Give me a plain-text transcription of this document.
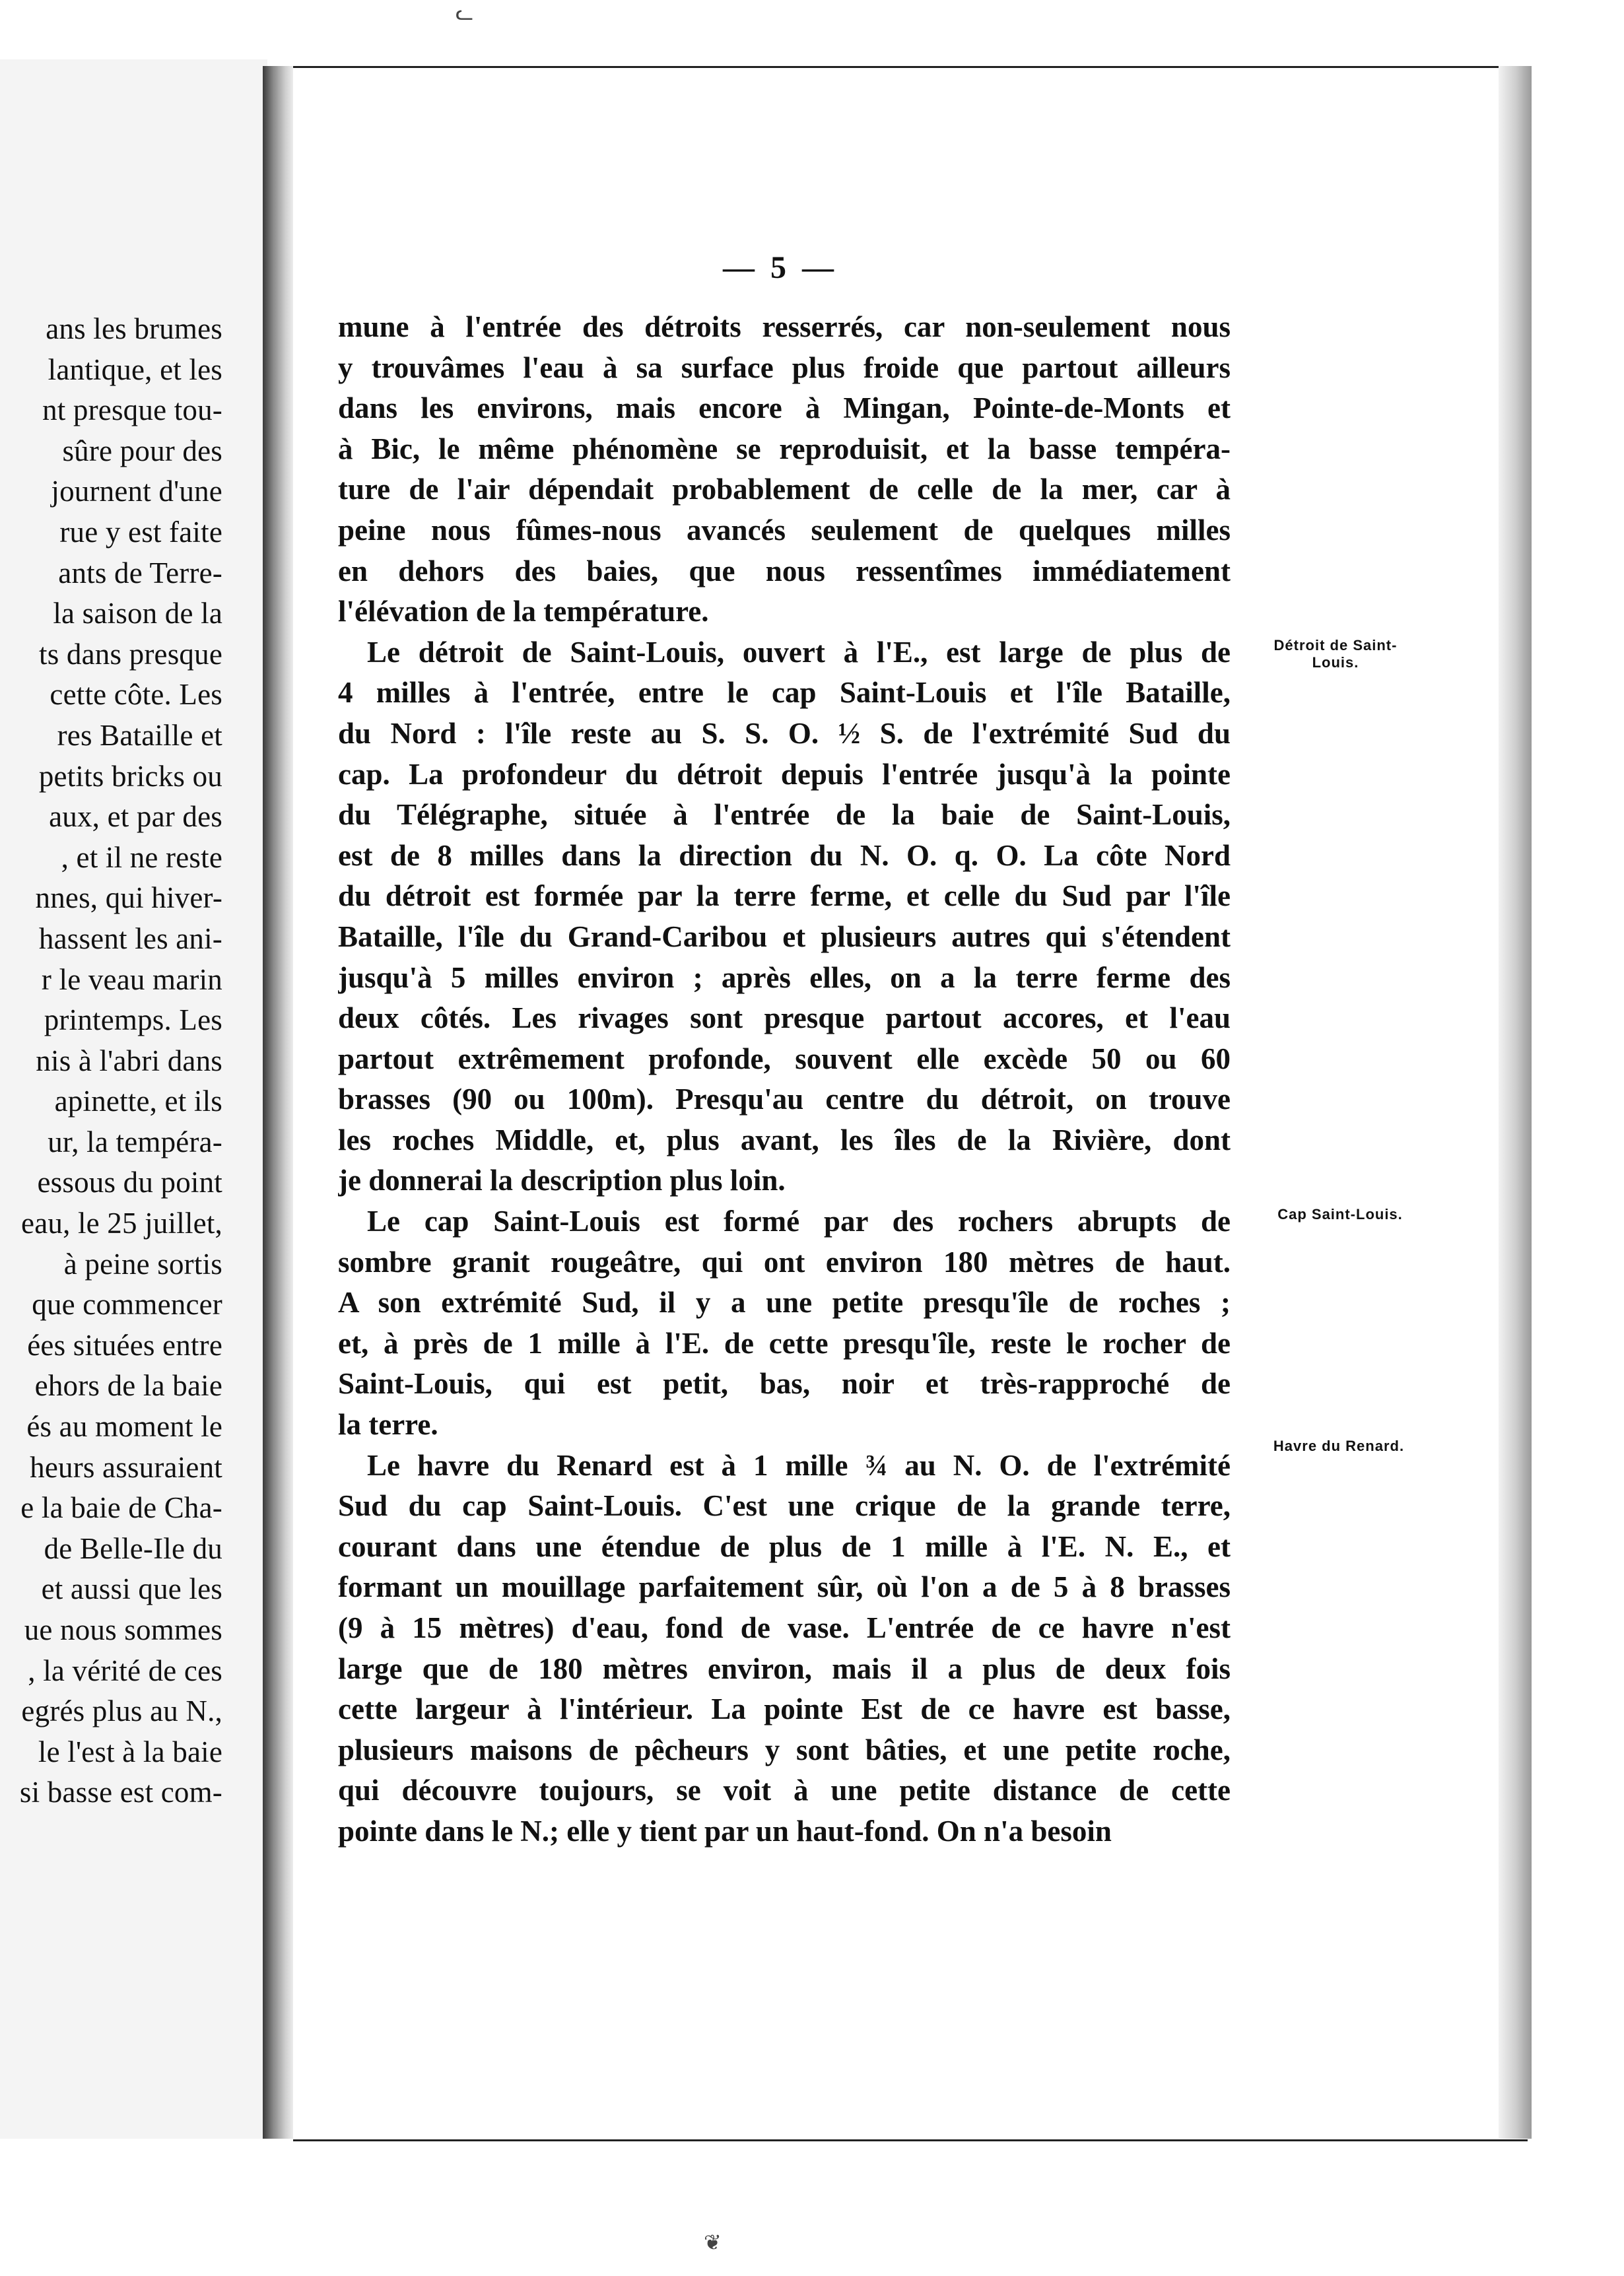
ans les brumes
lantique, et les
nt presque tou-
sûre pour des
journent d'une
rue y est faite
ants de Terre-
la saison de la
ts dans presque
cette côte. Les
res Bataille et
petits bricks ou
aux, et par des
, et il ne reste
nnes, qui hiver-
hassent les ani-
r le veau marin
printemps. Les
nis à l'abri dans
apinette, et ils
ur, la tempéra-
essous du point
eau, le 25 juillet,
à peine sortis
que commencer
ées situées entre
ehors de la baie
és au moment le
heurs assuraient
e la baie de Cha-
de Belle-Ile du
et aussi que les
ue nous sommes
, la vérité de ces
egrés plus au N.,
le l'est à la baie
si basse est com-
— 5 —
mune à l'entrée des détroits resserrés, car non-seulement nous
y trouvâmes l'eau à sa surface plus froide que partout ailleurs
dans les environs, mais encore à Mingan, Pointe-de-Monts et
à Bic, le même phénomène se reproduisit, et la basse tempéra-
ture de l'air dépendait probablement de celle de la mer, car à
peine nous fûmes-nous avancés seulement de quelques milles
en dehors des baies, que nous ressentîmes immédiatement
l'élévation de la température.
Le détroit de Saint-Louis, ouvert à l'E., est large de plus de
4 milles à l'entrée, entre le cap Saint-Louis et l'île Bataille,
du Nord : l'île reste au S. S. O. ½ S. de l'extrémité Sud du
cap. La profondeur du détroit depuis l'entrée jusqu'à la pointe
du Télégraphe, située à l'entrée de la baie de Saint-Louis,
est de 8 milles dans la direction du N. O. q. O. La côte Nord
du détroit est formée par la terre ferme, et celle du Sud par l'île
Bataille, l'île du Grand-Caribou et plusieurs autres qui s'étendent
jusqu'à 5 milles environ ; après elles, on a la terre ferme des
deux côtés. Les rivages sont presque partout accores, et l'eau
partout extrêmement profonde, souvent elle excède 50 ou 60
brasses (90 ou 100m). Presqu'au centre du détroit, on trouve
les roches Middle, et, plus avant, les îles de la Rivière, dont
je donnerai la description plus loin.
Le cap Saint-Louis est formé par des rochers abrupts de
sombre granit rougeâtre, qui ont environ 180 mètres de haut.
A son extrémité Sud, il y a une petite presqu'île de roches ;
et, à près de 1 mille à l'E. de cette presqu'île, reste le rocher de
Saint-Louis, qui est petit, bas, noir et très-rapproché de
la terre.
Le havre du Renard est à 1 mille ¾ au N. O. de l'extrémité
Sud du cap Saint-Louis. C'est une crique de la grande terre,
courant dans une étendue de plus de 1 mille à l'E. N. E., et
formant un mouillage parfaitement sûr, où l'on a de 5 à 8 brasses
(9 à 15 mètres) d'eau, fond de vase. L'entrée de ce havre n'est
large que de 180 mètres environ, mais il a plus de deux fois
cette largeur à l'intérieur. La pointe Est de ce havre est basse,
plusieurs maisons de pêcheurs y sont bâties, et une petite roche,
qui découvre toujours, se voit à une petite distance de cette
pointe dans le N.; elle y tient par un haut-fond. On n'a besoin
Détroit de Saint-
Louis.
Cap Saint-Louis.
Havre du Renard.
ᓚ
❦
